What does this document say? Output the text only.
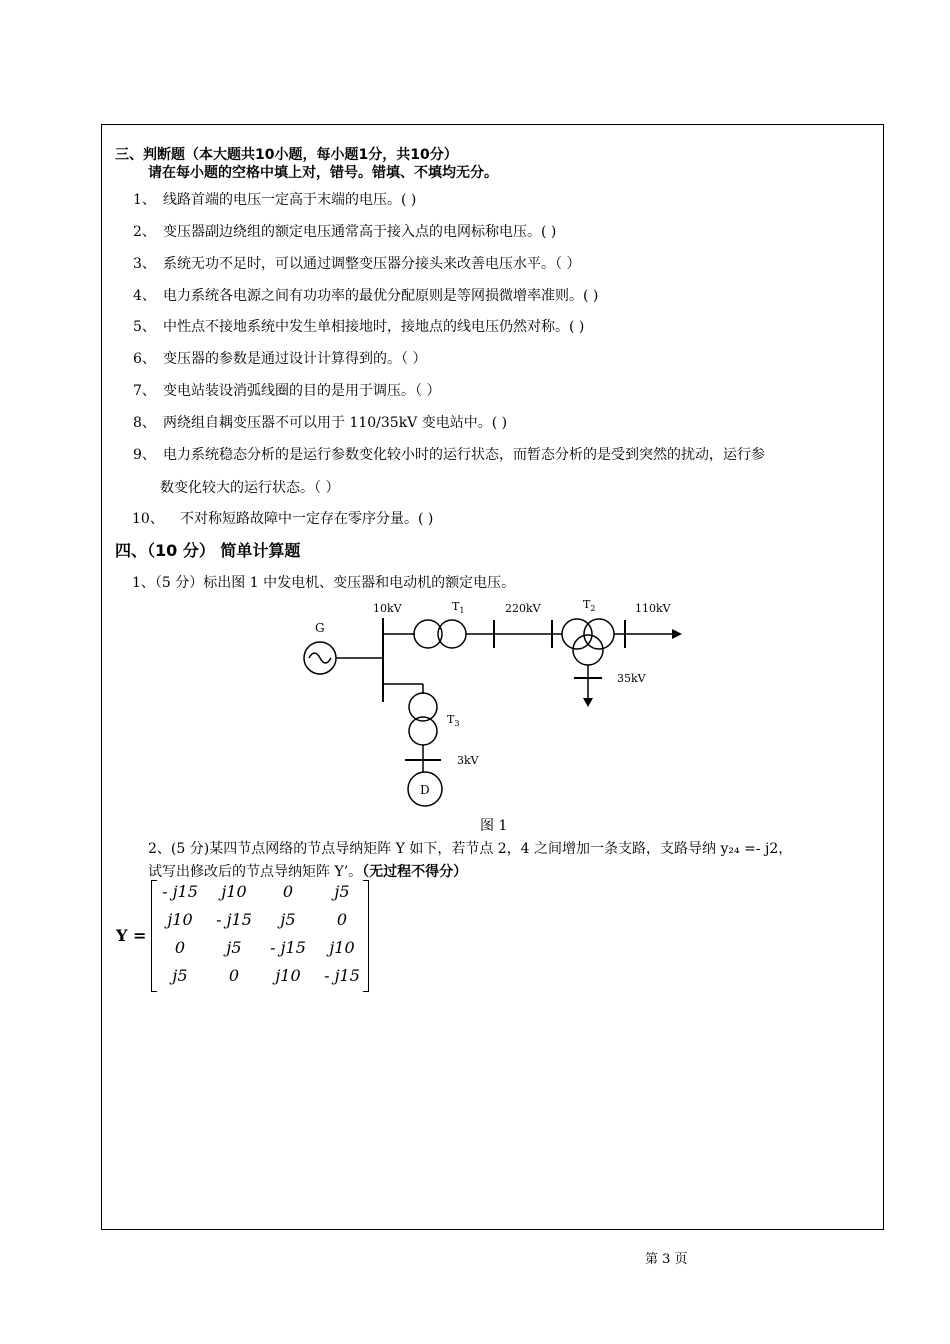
三、判断题（本大题共10小题，每小题1分，共10分）
请在每小题的空格中填上对，错号。错填、不填均无分。
1、 线路首端的电压一定高于末端的电压。( )
2、 变压器副边绕组的额定电压通常高于接入点的电网标称电压。( )
3、 系统无功不足时，可以通过调整变压器分接头来改善电压水平。（ ）
4、 电力系统各电源之间有功功率的最优分配原则是等网损微增率准则。( )
5、 中性点不接地系统中发生单相接地时，接地点的线电压仍然对称。( )
6、 变压器的参数是通过设计计算得到的。（ ）
7、 变电站装设消弧线圈的目的是用于调压。（ ）
8、 两绕组自耦变压器不可以用于 110/35kV 变电站中。( )
9、 电力系统稳态分析的是运行参数变化较小时的运行状态，而暂态分析的是受到突然的扰动，运行参
数变化较大的运行状态。（ ）
10、 不对称短路故障中一定存在零序分量。( )
四、（10 分） 简单计算题
1、（5 分）标出图 1 中发电机、变压器和电动机的额定电压。
G
10kV	$T_1$	220kV	$T_2$	110kV
35kV
$T_3$
3kV
D
图 1
2、(5 分)某四节点网络的节点导纳矩阵 Y 如下，若节点 2，4 之间增加一条支路，支路导纳 y₂₄ =- j2，
试写出修改后的节点导纳矩阵 Y’。（无过程不得分）
Y =
- j15	j10	0	j5
j10	- j15	j5	0
0	j5	- j15	j10
j5	0	j10	- j15
第 3 页
